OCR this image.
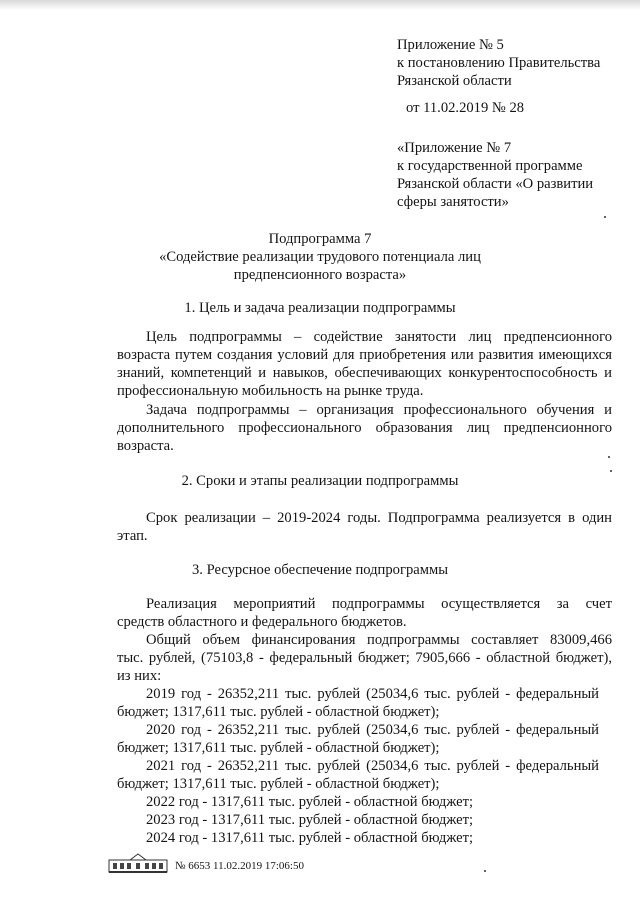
Приложение № 5
к постановлению Правительства
Рязанской области
от 11.02.2019 № 28
«Приложение № 7
к государственной программе
Рязанской области «О развитии
сферы занятости»
Подпрограмма 7
«Содействие реализации трудового потенциала лиц
предпенсионного возраста»
1. Цель и задача реализации подпрограммы
Цель подпрограммы – содействие занятости лиц предпенсионного
возраста путем создания условий для приобретения или развития имеющихся
знаний, компетенций и навыков, обеспечивающих конкурентоспособность и
профессиональную мобильность на рынке труда.
Задача подпрограммы – организация профессионального обучения и
дополнительного профессионального образования лиц предпенсионного
возраста.
2. Сроки и этапы реализации подпрограммы
Срок реализации – 2019-2024 годы. Подпрограмма реализуется в один
этап.
3. Ресурсное обеспечение подпрограммы
Реализация мероприятий подпрограммы осуществляется за счет
средств областного и федерального бюджетов.
Общий объем финансирования подпрограммы составляет 83009,466
тыс. рублей, (75103,8 - федеральный бюджет; 7905,666 - областной бюджет),
из них:
2019 год - 26352,211 тыс. рублей (25034,6 тыс. рублей - федеральный
бюджет; 1317,611 тыс. рублей - областной бюджет);
2020 год - 26352,211 тыс. рублей (25034,6 тыс. рублей - федеральный
бюджет; 1317,611 тыс. рублей - областной бюджет);
2021 год - 26352,211 тыс. рублей (25034,6 тыс. рублей - федеральный
бюджет; 1317,611 тыс. рублей - областной бюджет);
2022 год - 1317,611 тыс. рублей - областной бюджет;
2023 год - 1317,611 тыс. рублей - областной бюджет;
2024 год - 1317,611 тыс. рублей - областной бюджет;
№ 6653 11.02.2019 17:06:50
